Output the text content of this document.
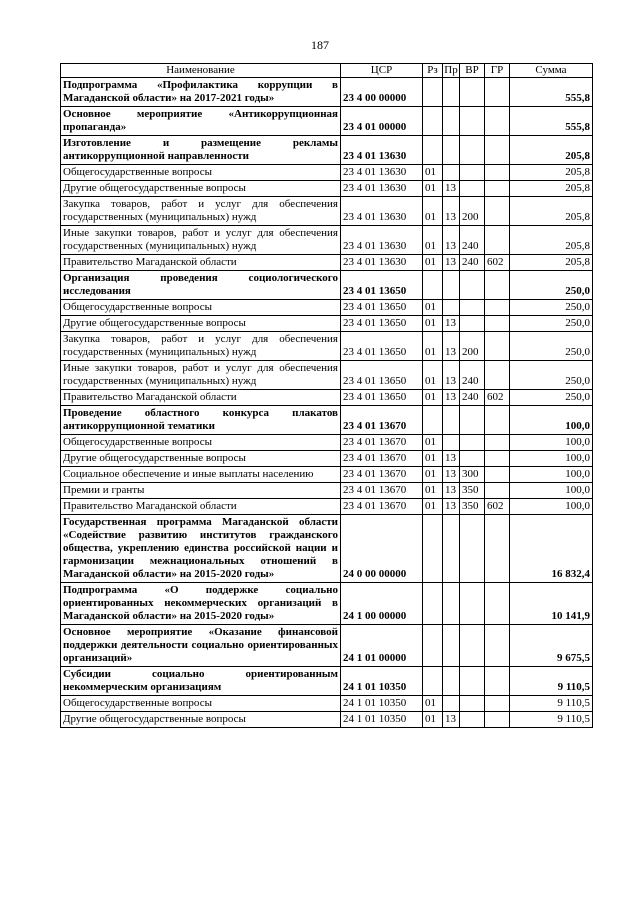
187
Наименование	ЦСР	Рз	Пр	ВР	ГР	Сумма
Подпрограмма «Профилактика коррупции в Магаданской области» на 2017-2021 годы»	23 4 00 00000					555,8
Основное мероприятие «Антикоррупционная пропаганда»	23 4 01 00000					555,8
Изготовление и размещение рекламы антикоррупционной направленности	23 4 01 13630					205,8
Общегосударственные вопросы	23 4 01 13630	01				205,8
Другие общегосударственные вопросы	23 4 01 13630	01	13			205,8
Закупка товаров, работ и услуг для обеспечения государственных (муниципальных) нужд	23 4 01 13630	01	13	200		205,8
Иные закупки товаров, работ и услуг для обеспечения государственных (муниципальных) нужд	23 4 01 13630	01	13	240		205,8
Правительство Магаданской области	23 4 01 13630	01	13	240	602	205,8
Организация проведения социологического исследования	23 4 01 13650					250,0
Общегосударственные вопросы	23 4 01 13650	01				250,0
Другие общегосударственные вопросы	23 4 01 13650	01	13			250,0
Закупка товаров, работ и услуг для обеспечения государственных (муниципальных) нужд	23 4 01 13650	01	13	200		250,0
Иные закупки товаров, работ и услуг для обеспечения государственных (муниципальных) нужд	23 4 01 13650	01	13	240		250,0
Правительство Магаданской области	23 4 01 13650	01	13	240	602	250,0
Проведение областного конкурса плакатов антикоррупционной тематики	23 4 01 13670					100,0
Общегосударственные вопросы	23 4 01 13670	01				100,0
Другие общегосударственные вопросы	23 4 01 13670	01	13			100,0
Социальное обеспечение и иные выплаты населению	23 4 01 13670	01	13	300		100,0
Премии и гранты	23 4 01 13670	01	13	350		100,0
Правительство Магаданской области	23 4 01 13670	01	13	350	602	100,0
Государственная программа Магаданской области «Содействие развитию институтов гражданского общества, укреплению единства российской нации и гармонизации межнациональных отношений в Магаданской области» на 2015-2020 годы»	24 0 00 00000					16 832,4
Подпрограмма «О поддержке социально ориентированных некоммерческих организаций в Магаданской области» на 2015-2020 годы»	24 1 00 00000					10 141,9
Основное мероприятие «Оказание финансовой поддержки деятельности социально ориентированных организаций»	24 1 01 00000					9 675,5
Субсидии социально ориентированным некоммерческим организациям	24 1 01 10350					9 110,5
Общегосударственные вопросы	24 1 01 10350	01				9 110,5
Другие общегосударственные вопросы	24 1 01 10350	01	13			9 110,5
